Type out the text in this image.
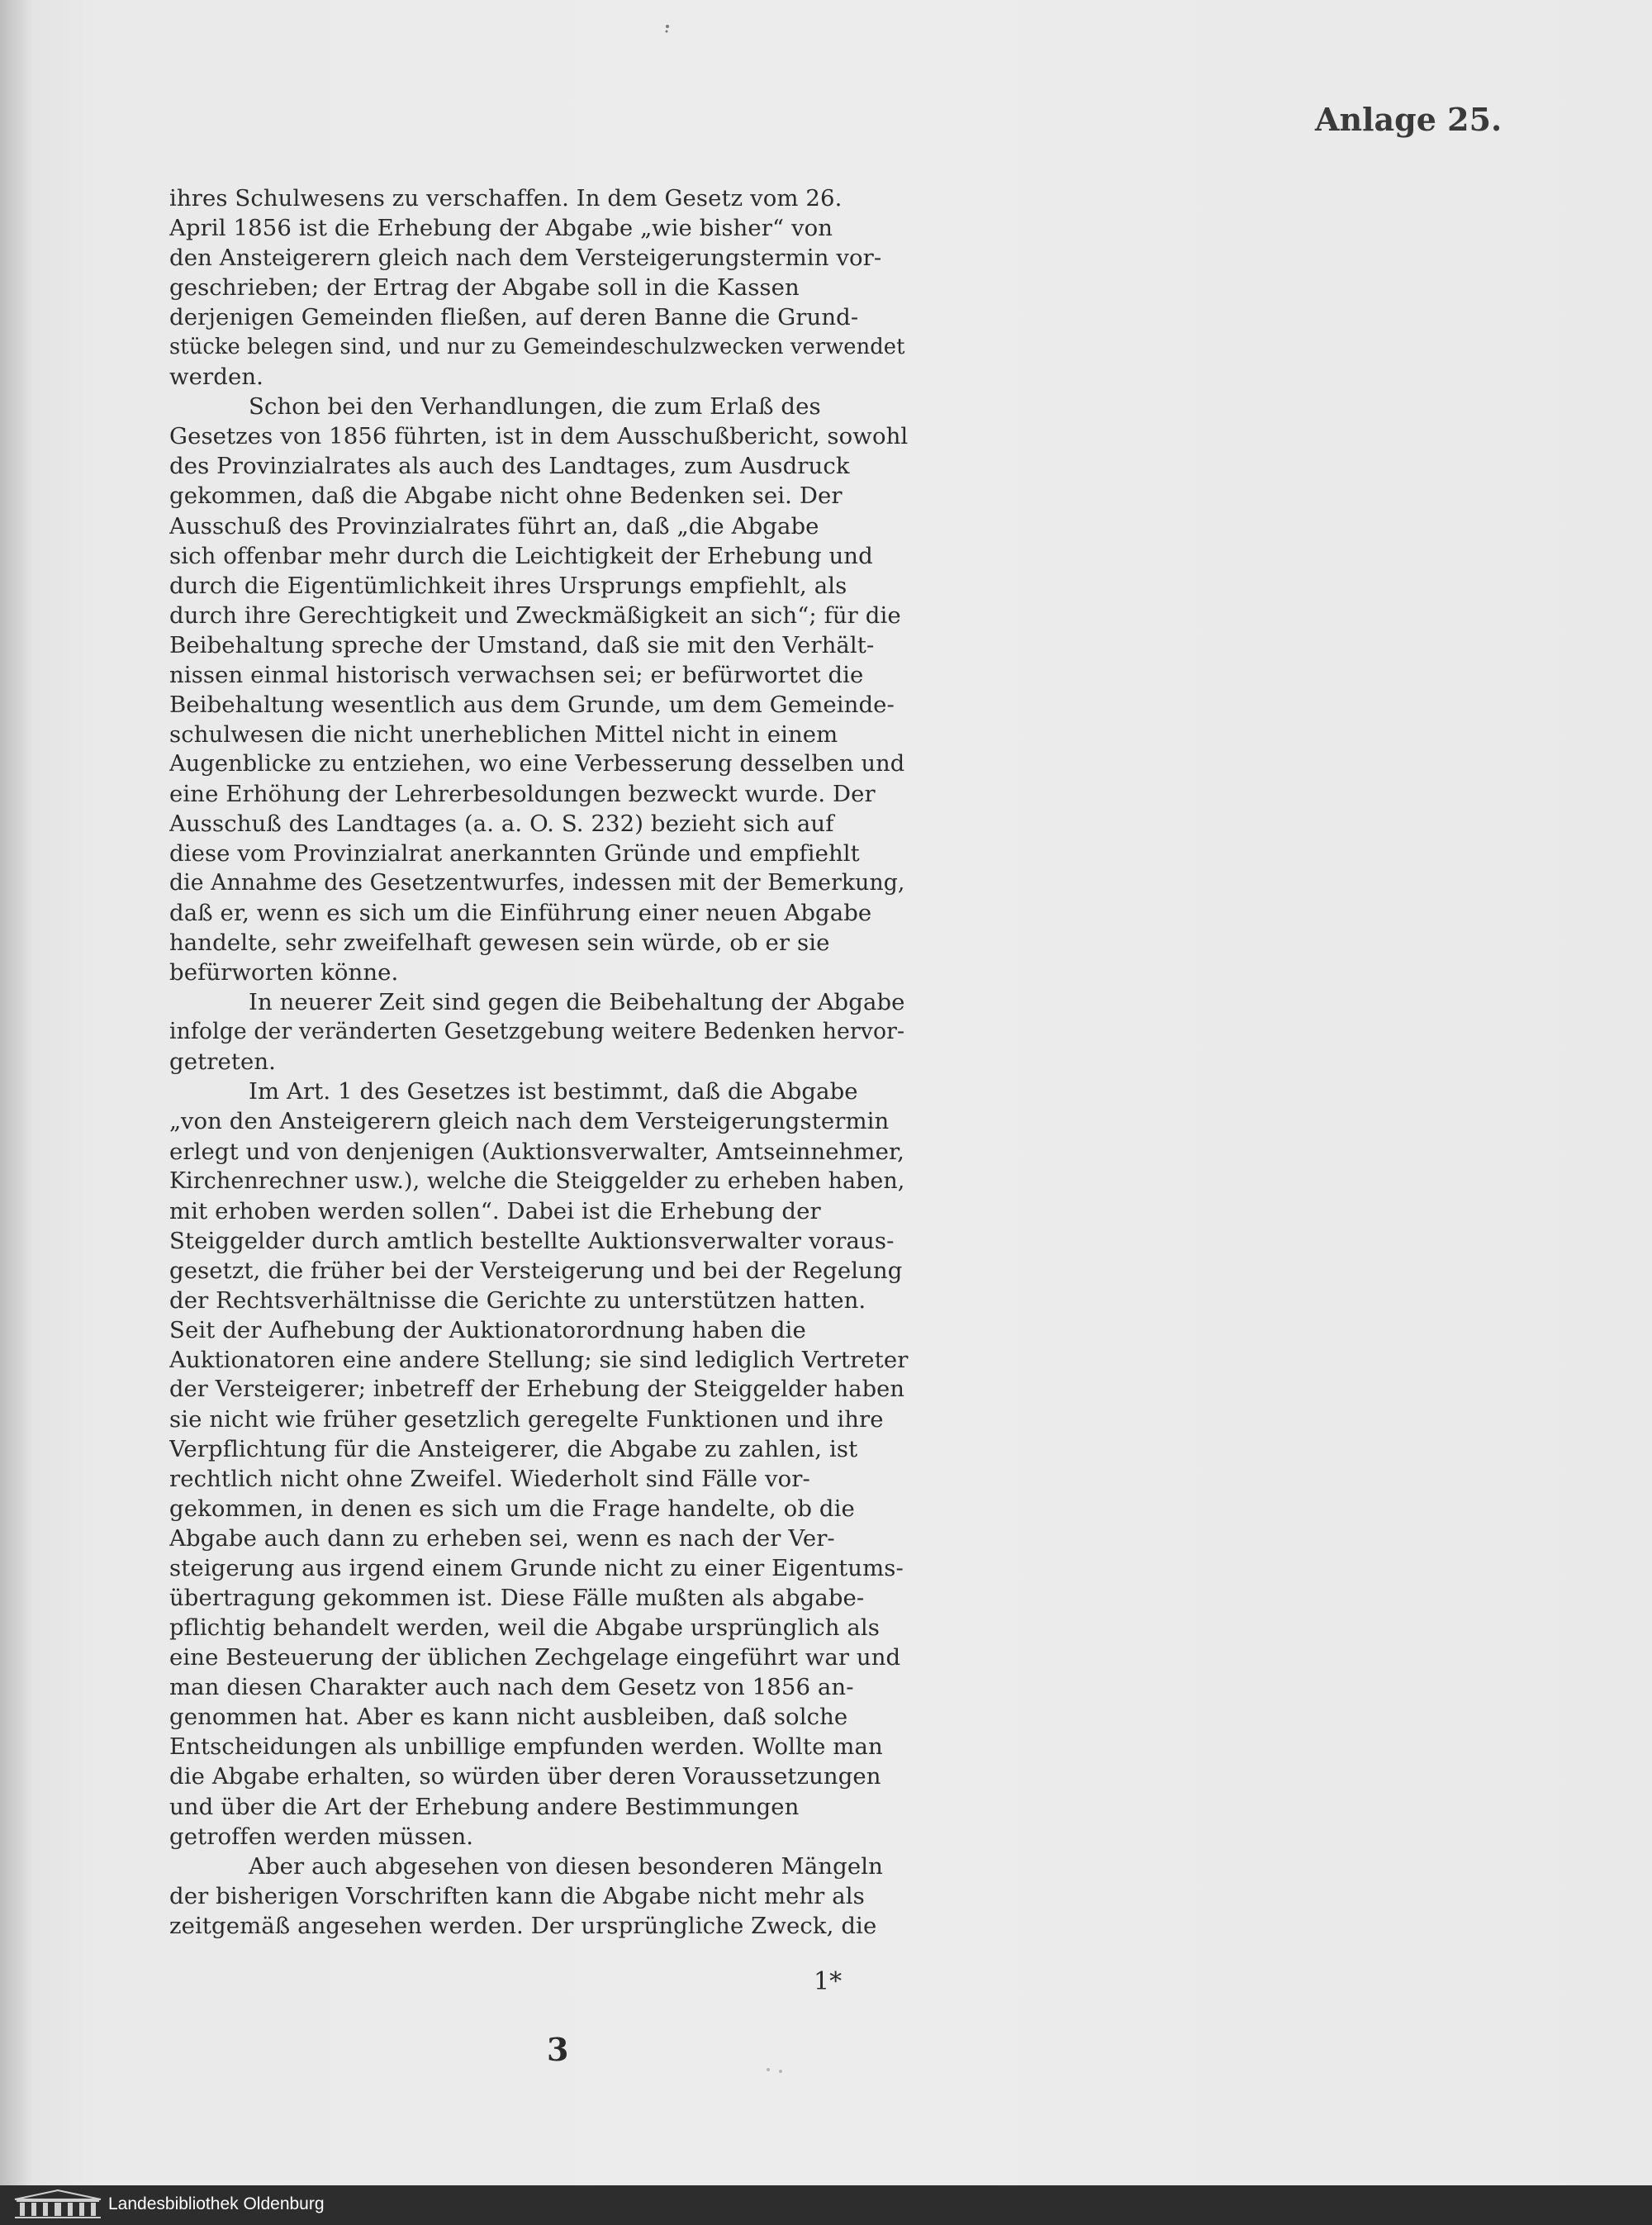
Anlage 25.
ihres Schulwesens zu verschaffen. In dem Gesetz vom 26.
April 1856 ist die Erhebung der Abgabe „wie bisher“ von
den Ansteigerern gleich nach dem Versteigerungstermin vor-
geschrieben; der Ertrag der Abgabe soll in die Kassen
derjenigen Gemeinden fließen, auf deren Banne die Grund-
stücke belegen sind, und nur zu Gemeindeschulzwecken verwendet
werden.
Schon bei den Verhandlungen, die zum Erlaß des
Gesetzes von 1856 führten, ist in dem Ausschußbericht, sowohl
des Provinzialrates als auch des Landtages, zum Ausdruck
gekommen, daß die Abgabe nicht ohne Bedenken sei. Der
Ausschuß des Provinzialrates führt an, daß „die Abgabe
sich offenbar mehr durch die Leichtigkeit der Erhebung und
durch die Eigentümlichkeit ihres Ursprungs empfiehlt, als
durch ihre Gerechtigkeit und Zweckmäßigkeit an sich“; für die
Beibehaltung spreche der Umstand, daß sie mit den Verhält-
nissen einmal historisch verwachsen sei; er befürwortet die
Beibehaltung wesentlich aus dem Grunde, um dem Gemeinde-
schulwesen die nicht unerheblichen Mittel nicht in einem
Augenblicke zu entziehen, wo eine Verbesserung desselben und
eine Erhöhung der Lehrerbesoldungen bezweckt wurde. Der
Ausschuß des Landtages (a. a. O. S. 232) bezieht sich auf
diese vom Provinzialrat anerkannten Gründe und empfiehlt
die Annahme des Gesetzentwurfes, indessen mit der Bemerkung,
daß er, wenn es sich um die Einführung einer neuen Abgabe
handelte, sehr zweifelhaft gewesen sein würde, ob er sie
befürworten könne.
In neuerer Zeit sind gegen die Beibehaltung der Abgabe
infolge der veränderten Gesetzgebung weitere Bedenken hervor-
getreten.
Im Art. 1 des Gesetzes ist bestimmt, daß die Abgabe
„von den Ansteigerern gleich nach dem Versteigerungstermin
erlegt und von denjenigen (Auktionsverwalter, Amtseinnehmer,
Kirchenrechner usw.), welche die Steiggelder zu erheben haben,
mit erhoben werden sollen“. Dabei ist die Erhebung der
Steiggelder durch amtlich bestellte Auktionsverwalter voraus-
gesetzt, die früher bei der Versteigerung und bei der Regelung
der Rechtsverhältnisse die Gerichte zu unterstützen hatten.
Seit der Aufhebung der Auktionatorordnung haben die
Auktionatoren eine andere Stellung; sie sind lediglich Vertreter
der Versteigerer; inbetreff der Erhebung der Steiggelder haben
sie nicht wie früher gesetzlich geregelte Funktionen und ihre
Verpflichtung für die Ansteigerer, die Abgabe zu zahlen, ist
rechtlich nicht ohne Zweifel. Wiederholt sind Fälle vor-
gekommen, in denen es sich um die Frage handelte, ob die
Abgabe auch dann zu erheben sei, wenn es nach der Ver-
steigerung aus irgend einem Grunde nicht zu einer Eigentums-
übertragung gekommen ist. Diese Fälle mußten als abgabe-
pflichtig behandelt werden, weil die Abgabe ursprünglich als
eine Besteuerung der üblichen Zechgelage eingeführt war und
man diesen Charakter auch nach dem Gesetz von 1856 an-
genommen hat. Aber es kann nicht ausbleiben, daß solche
Entscheidungen als unbillige empfunden werden. Wollte man
die Abgabe erhalten, so würden über deren Voraussetzungen
und über die Art der Erhebung andere Bestimmungen
getroffen werden müssen.
Aber auch abgesehen von diesen besonderen Mängeln
der bisherigen Vorschriften kann die Abgabe nicht mehr als
zeitgemäß angesehen werden. Der ursprüngliche Zweck, die
1*
3
Landesbibliothek Oldenburg
